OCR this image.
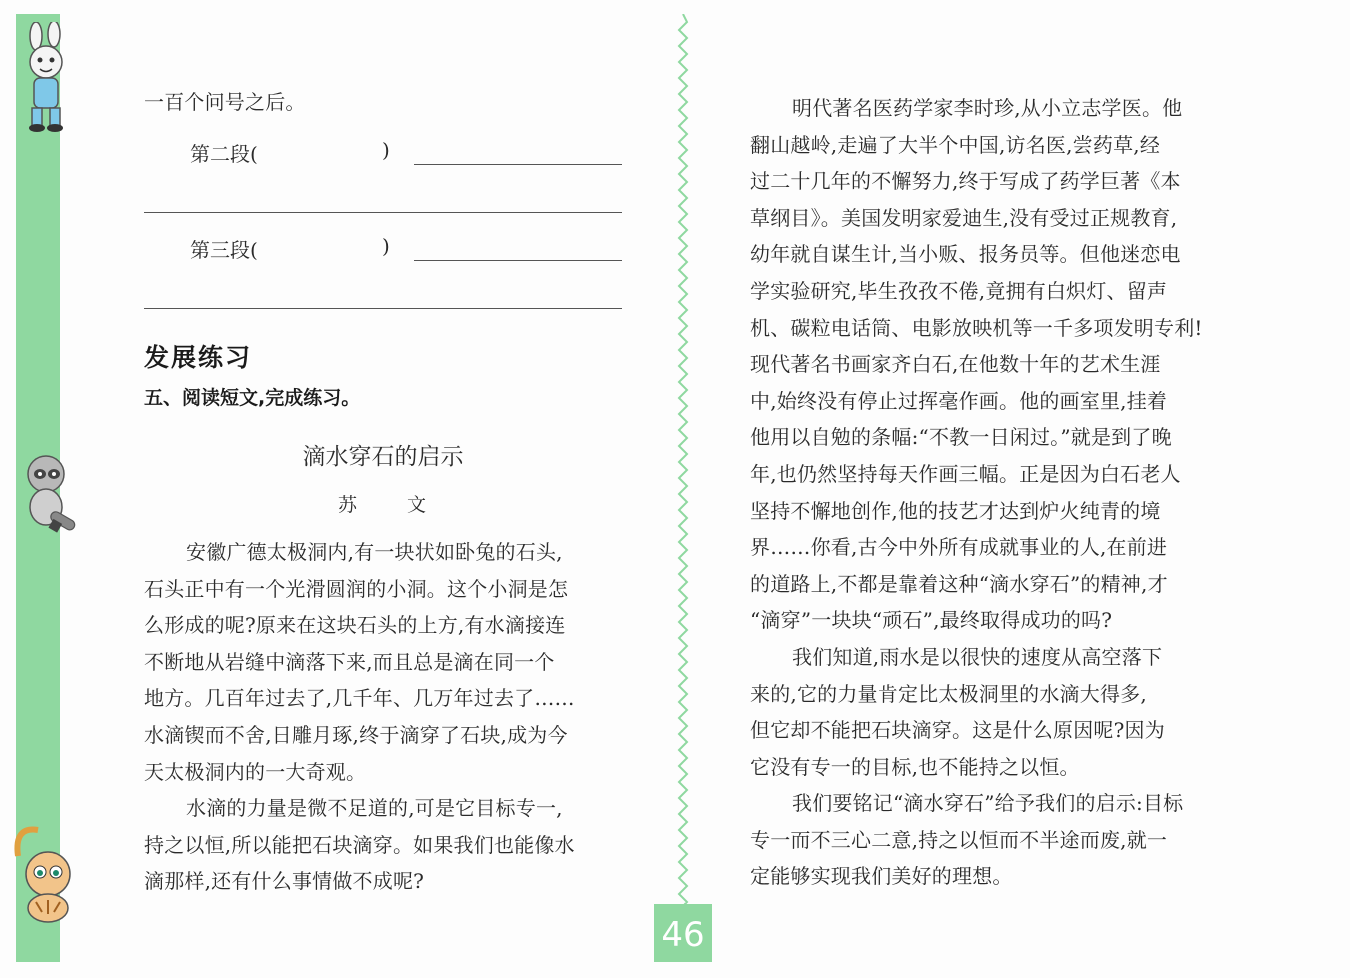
一百个问号之后。
第二段(	)
第三段(	)
发展练习
五、阅读短文,完成练习。
滴水穿石的启示
苏 文
安徽广德太极洞内,有一块状如卧兔的石头,
石头正中有一个光滑圆润的小洞。这个小洞是怎
么形成的呢?原来在这块石头的上方,有水滴接连
不断地从岩缝中滴落下来,而且总是滴在同一个
地方。几百年过去了,几千年、几万年过去了……
水滴锲而不舍,日雕月琢,终于滴穿了石块,成为今
天太极洞内的一大奇观。
水滴的力量是微不足道的,可是它目标专一,
持之以恒,所以能把石块滴穿。如果我们也能像水
滴那样,还有什么事情做不成呢?
明代著名医药学家李时珍,从小立志学医。他
翻山越岭,走遍了大半个中国,访名医,尝药草,经
过二十几年的不懈努力,终于写成了药学巨著《本
草纲目》。美国发明家爱迪生,没有受过正规教育,
幼年就自谋生计,当小贩、报务员等。但他迷恋电
学实验研究,毕生孜孜不倦,竟拥有白炽灯、留声
机、碳粒电话筒、电影放映机等一千多项发明专利!
现代著名书画家齐白石,在他数十年的艺术生涯
中,始终没有停止过挥毫作画。他的画室里,挂着
他用以自勉的条幅:“不教一日闲过。”就是到了晚
年,也仍然坚持每天作画三幅。正是因为白石老人
坚持不懈地创作,他的技艺才达到炉火纯青的境
界……你看,古今中外所有成就事业的人,在前进
的道路上,不都是靠着这种“滴水穿石”的精神,才
“滴穿”一块块“顽石”,最终取得成功的吗?
我们知道,雨水是以很快的速度从高空落下
来的,它的力量肯定比太极洞里的水滴大得多,
但它却不能把石块滴穿。这是什么原因呢?因为
它没有专一的目标,也不能持之以恒。
我们要铭记“滴水穿石”给予我们的启示:目标
专一而不三心二意,持之以恒而不半途而废,就一
定能够实现我们美好的理想。
46
